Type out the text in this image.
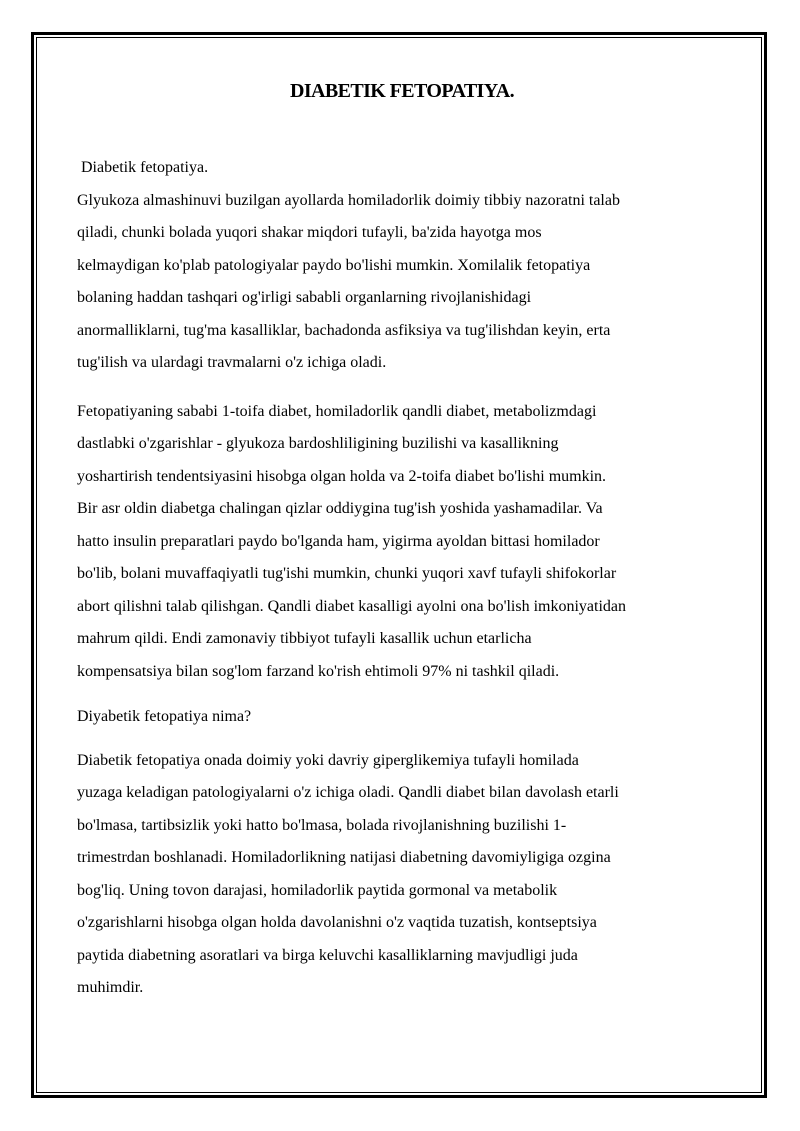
DIABETIK FETOPATIYA.

Diabetik fetopatiya.

Glyukoza almashinuvi buzilgan ayollarda homiladorlik doimiy tibbiy nazoratni talab
qiladi, chunki bolada yuqori shakar miqdori tufayli, ba'zida hayotga mos
kelmaydigan ko'plab patologiyalar paydo bo'lishi mumkin. Xomilalik fetopatiya
bolaning haddan tashqari og'irligi sababli organlarning rivojlanishidagi
anormalliklarni, tug'ma kasalliklar, bachadonda asfiksiya va tug'ilishdan keyin, erta
tug'ilish va ulardagi travmalarni o'z ichiga oladi.

Fetopatiyaning sababi 1-toifa diabet, homiladorlik qandli diabet, metabolizmdagi
dastlabki o'zgarishlar - glyukoza bardoshliligining buzilishi va kasallikning
yoshartirish tendentsiyasini hisobga olgan holda va 2-toifa diabet bo'lishi mumkin.
Bir asr oldin diabetga chalingan qizlar oddiygina tug'ish yoshida yashamadilar. Va
hatto insulin preparatlari paydo bo'lganda ham, yigirma ayoldan bittasi homilador
bo'lib, bolani muvaffaqiyatli tug'ishi mumkin, chunki yuqori xavf tufayli shifokorlar
abort qilishni talab qilishgan. Qandli diabet kasalligi ayolni ona bo'lish imkoniyatidan
mahrum qildi. Endi zamonaviy tibbiyot tufayli kasallik uchun etarlicha
kompensatsiya bilan sog'lom farzand ko'rish ehtimoli 97% ni tashkil qiladi.

Diyabetik fetopatiya nima?

Diabetik fetopatiya onada doimiy yoki davriy giperglikemiya tufayli homilada
yuzaga keladigan patologiyalarni o'z ichiga oladi. Qandli diabet bilan davolash etarli
bo'lmasa, tartibsizlik yoki hatto bo'lmasa, bolada rivojlanishning buzilishi 1-
trimestrdan boshlanadi. Homiladorlikning natijasi diabetning davomiyligiga ozgina
bog'liq. Uning tovon darajasi, homiladorlik paytida gormonal va metabolik
o'zgarishlarni hisobga olgan holda davolanishni o'z vaqtida tuzatish, kontseptsiya
paytida diabetning asoratlari va birga keluvchi kasalliklarning mavjudligi juda
muhimdir.
